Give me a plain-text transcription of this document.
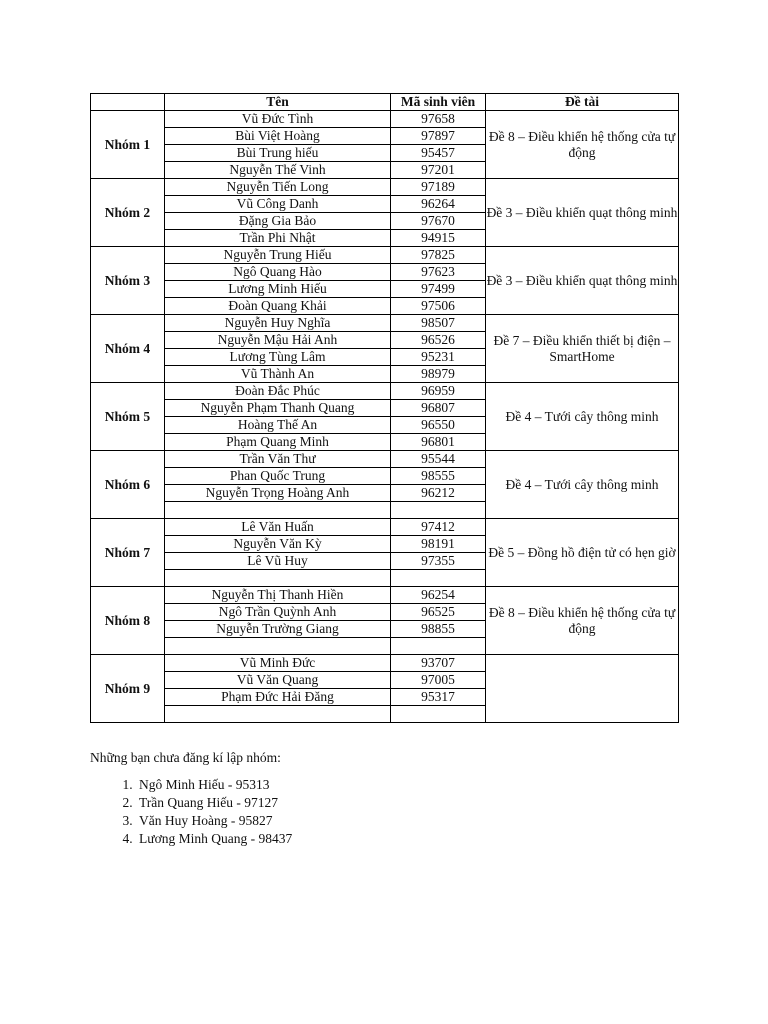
	Tên	Mã sinh viên	Đề tài
Nhóm 1	Vũ Đức Tình	97658	Đề 8 – Điều khiển hệ thống cửa tự động
	Bùi Việt Hoàng	97897	
	Bùi Trung hiếu	95457	
	Nguyễn Thế Vinh	97201	
Nhóm 2	Nguyễn Tiến Long	97189	Đề 3 – Điều khiển quạt thông minh
	Vũ Công Danh	96264	
	Đặng Gia Bảo	97670	
	Trần Phi Nhật	94915	
Nhóm 3	Nguyễn Trung Hiếu	97825	Đề 3 – Điều khiển quạt thông minh
	Ngô Quang Hào	97623	
	Lương Minh Hiếu	97499	
	Đoàn Quang Khải	97506	
Nhóm 4	Nguyễn Huy Nghĩa	98507	Đề 7 – Điều khiển thiết bị điện – SmartHome
	Nguyễn Mậu Hải Anh	96526	
	Lương Tùng Lâm	95231	
	Vũ Thành An	98979	
Nhóm 5	Đoàn Đắc Phúc	96959	Đề 4 – Tưới cây thông minh
	Nguyễn Phạm Thanh Quang	96807	
	Hoàng Thế An	96550	
	Phạm Quang Minh	96801	
Nhóm 6	Trần Văn Thư	95544	Đề 4 – Tưới cây thông minh
	Phan Quốc Trung	98555	
	Nguyễn Trọng Hoàng Anh	96212	

Nhóm 7	Lê Văn Huấn	97412	Đề 5 – Đồng hồ điện tử có hẹn giờ
	Nguyễn Văn Kỳ	98191	
	Lê Vũ Huy	97355	

Nhóm 8	Nguyễn Thị Thanh Hiền	96254	Đề 8 – Điều khiển hệ thống cửa tự động
	Ngô Trần Quỳnh Anh	96525	
	Nguyễn Trường Giang	98855	

Nhóm 9	Vũ Minh Đức	93707	
	Vũ Văn Quang	97005	
	Phạm Đức Hải Đăng	95317	

Những bạn chưa đăng kí lập nhóm:

1. Ngô Minh Hiếu - 95313
2. Trần Quang Hiếu - 97127
3. Văn Huy Hoàng - 95827
4. Lương Minh Quang - 98437
